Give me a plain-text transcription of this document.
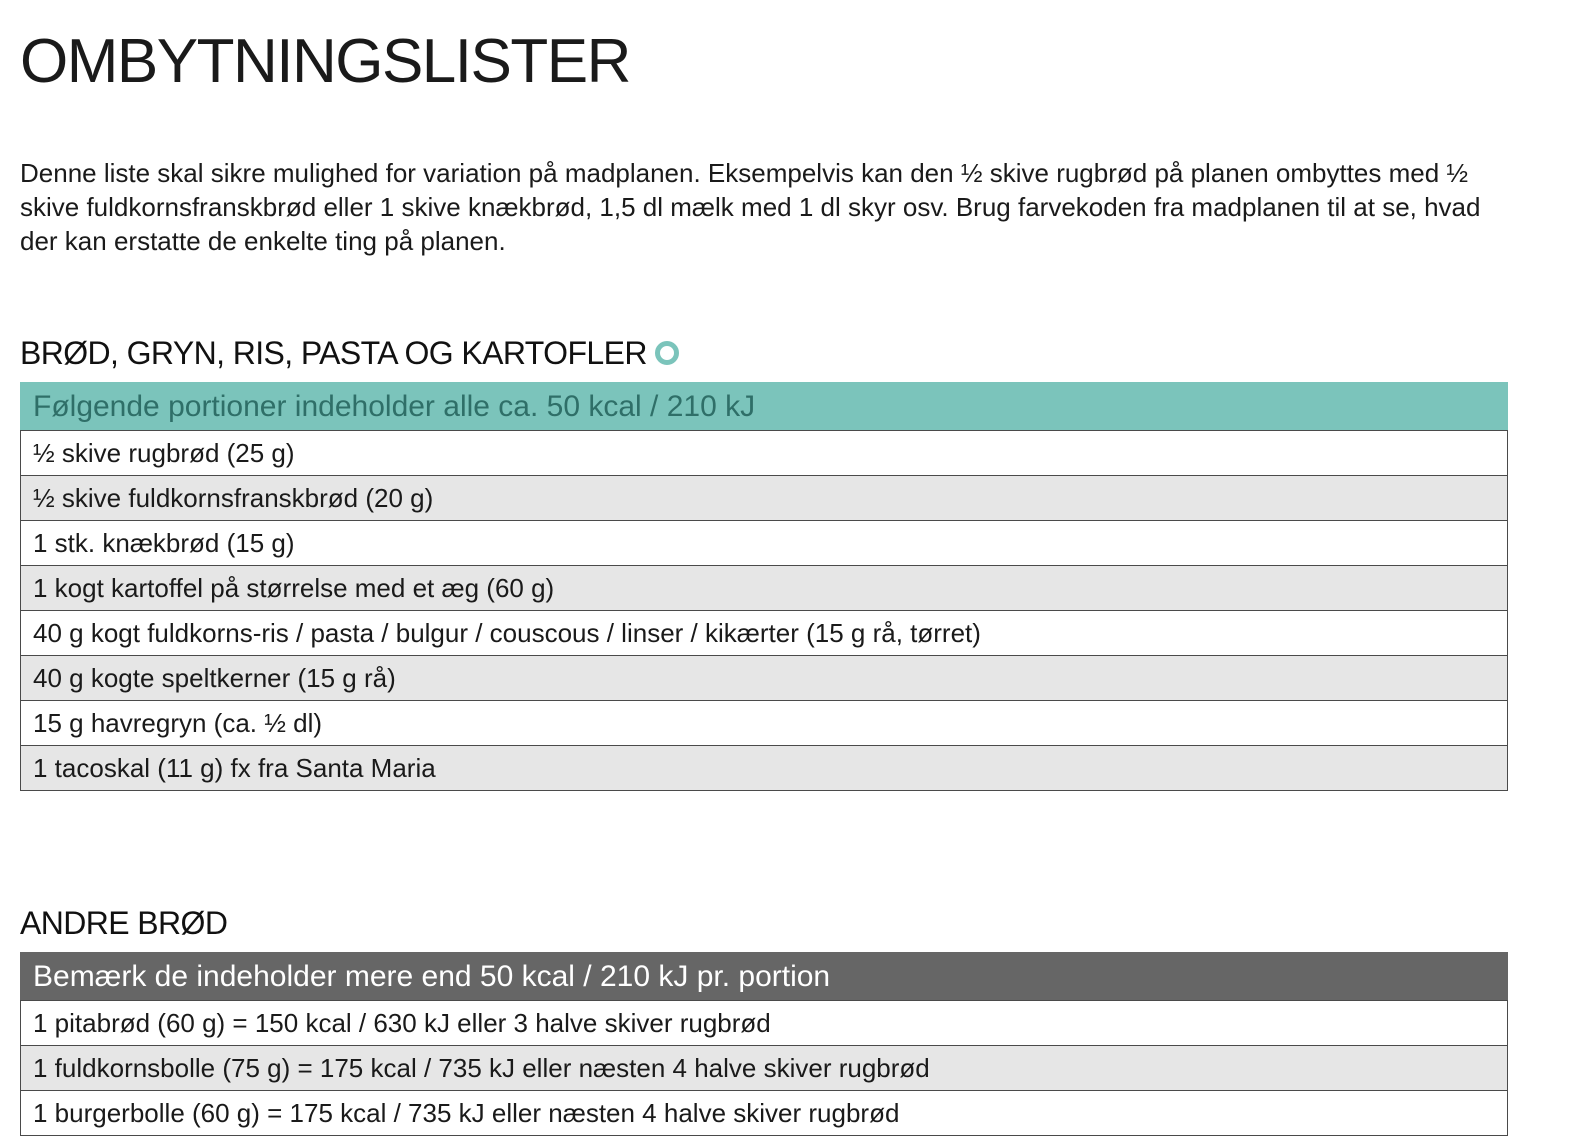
OMBYTNINGSLISTER

Denne liste skal sikre mulighed for variation på madplanen. Eksempelvis kan den ½ skive rugbrød på planen ombyttes med ½ skive fuldkornsfranskbrød eller 1 skive knækbrød, 1,5 dl mælk med 1 dl skyr osv. Brug farvekoden fra madplanen til at se, hvad der kan erstatte de enkelte ting på planen.

BRØD, GRYN, RIS, PASTA OG KARTOFLER
Følgende portioner indeholder alle ca. 50 kcal / 210 kJ
½ skive rugbrød (25 g)
½ skive fuldkornsfranskbrød (20 g)
1 stk. knækbrød (15 g)
1 kogt kartoffel på størrelse med et æg (60 g)
40 g kogt fuldkorns-ris / pasta / bulgur / couscous / linser / kikærter (15 g rå, tørret)
40 g kogte speltkerner (15 g rå)
15 g havregryn (ca. ½ dl)
1 tacoskal (11 g) fx fra Santa Maria
ANDRE BRØD
Bemærk de indeholder mere end 50 kcal / 210 kJ pr. portion
1 pitabrød (60 g) = 150 kcal / 630 kJ eller 3 halve skiver rugbrød
1 fuldkornsbolle (75 g) = 175 kcal / 735 kJ eller næsten 4 halve skiver rugbrød
1 burgerbolle (60 g) = 175 kcal / 735 kJ eller næsten 4 halve skiver rugbrød
